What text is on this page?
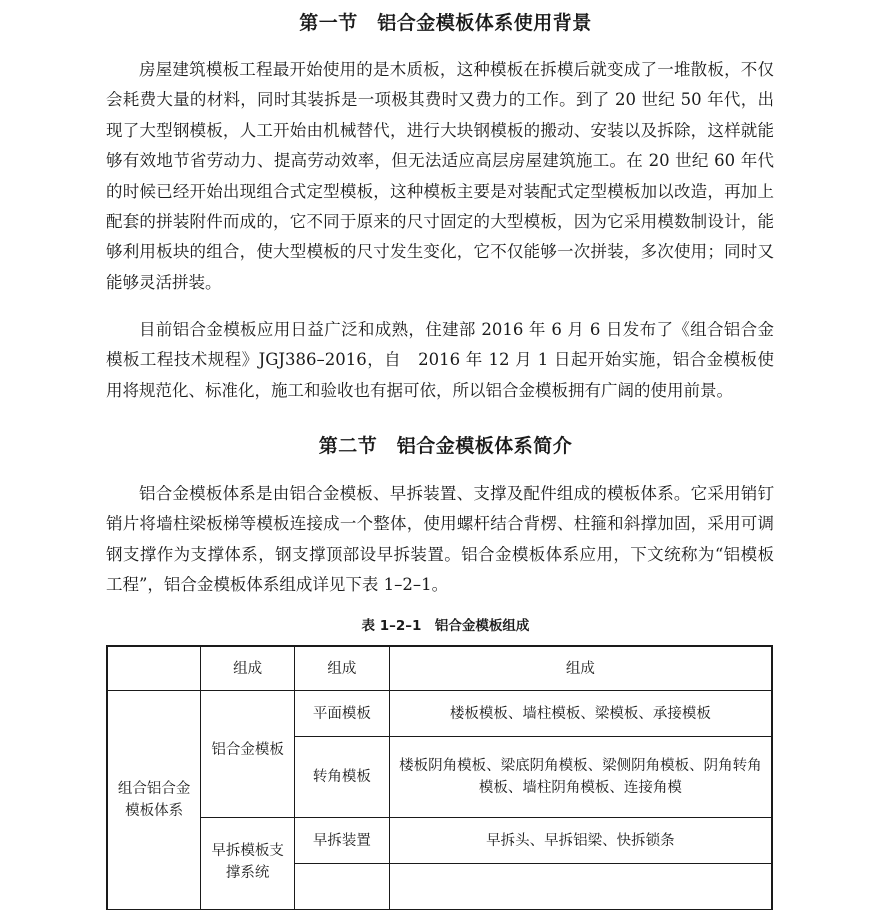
第一节　铝合金模板体系使用背景

房屋建筑模板工程最开始使用的是木质板，这种模板在拆模后就变成了一堆散板，不仅会耗费大量的材料，同时其装拆是一项极其费时又费力的工作。到了 20 世纪 50 年代，出现了大型钢模板，人工开始由机械替代，进行大块钢模板的搬动、安装以及拆除，这样就能够有效地节省劳动力、提高劳动效率，但无法适应高层房屋建筑施工。在 20 世纪 60 年代的时候已经开始出现组合式定型模板，这种模板主要是对装配式定型模板加以改造，再加上配套的拼装附件而成的，它不同于原来的尺寸固定的大型模板，因为它采用模数制设计，能够利用板块的组合，使大型模板的尺寸发生变化，它不仅能够一次拼装，多次使用；同时又能够灵活拼装。

目前铝合金模板应用日益广泛和成熟，住建部 2016 年 6 月 6 日发布了《组合铝合金模板工程技术规程》JGJ386–2016，自　2016 年 12 月 1 日起开始实施，铝合金模板使用将规范化、标准化，施工和验收也有据可依，所以铝合金模板拥有广阔的使用前景。

第二节　铝合金模板体系简介

铝合金模板体系是由铝合金模板、早拆装置、支撑及配件组成的模板体系。它采用销钉销片将墙柱梁板梯等模板连接成一个整体，使用螺杆结合背楞、柱箍和斜撑加固，采用可调钢支撑作为支撑体系，钢支撑顶部设早拆装置。铝合金模板体系应用，下文统称为“铝模板工程”，铝合金模板体系组成详见下表 1–2–1。

表 1–2–1　铝合金模板组成

	组成	组成	组成
组合铝合金模板体系	铝合金模板	平面模板	楼板模板、墙柱模板、梁模板、承接模板
		转角模板	楼板阴角模板、梁底阴角模板、梁侧阴角模板、阴角转角模板、墙柱阴角模板、连接角模
	早拆模板支撑系统	早拆装置	早拆头、早拆铝梁、快拆锁条
